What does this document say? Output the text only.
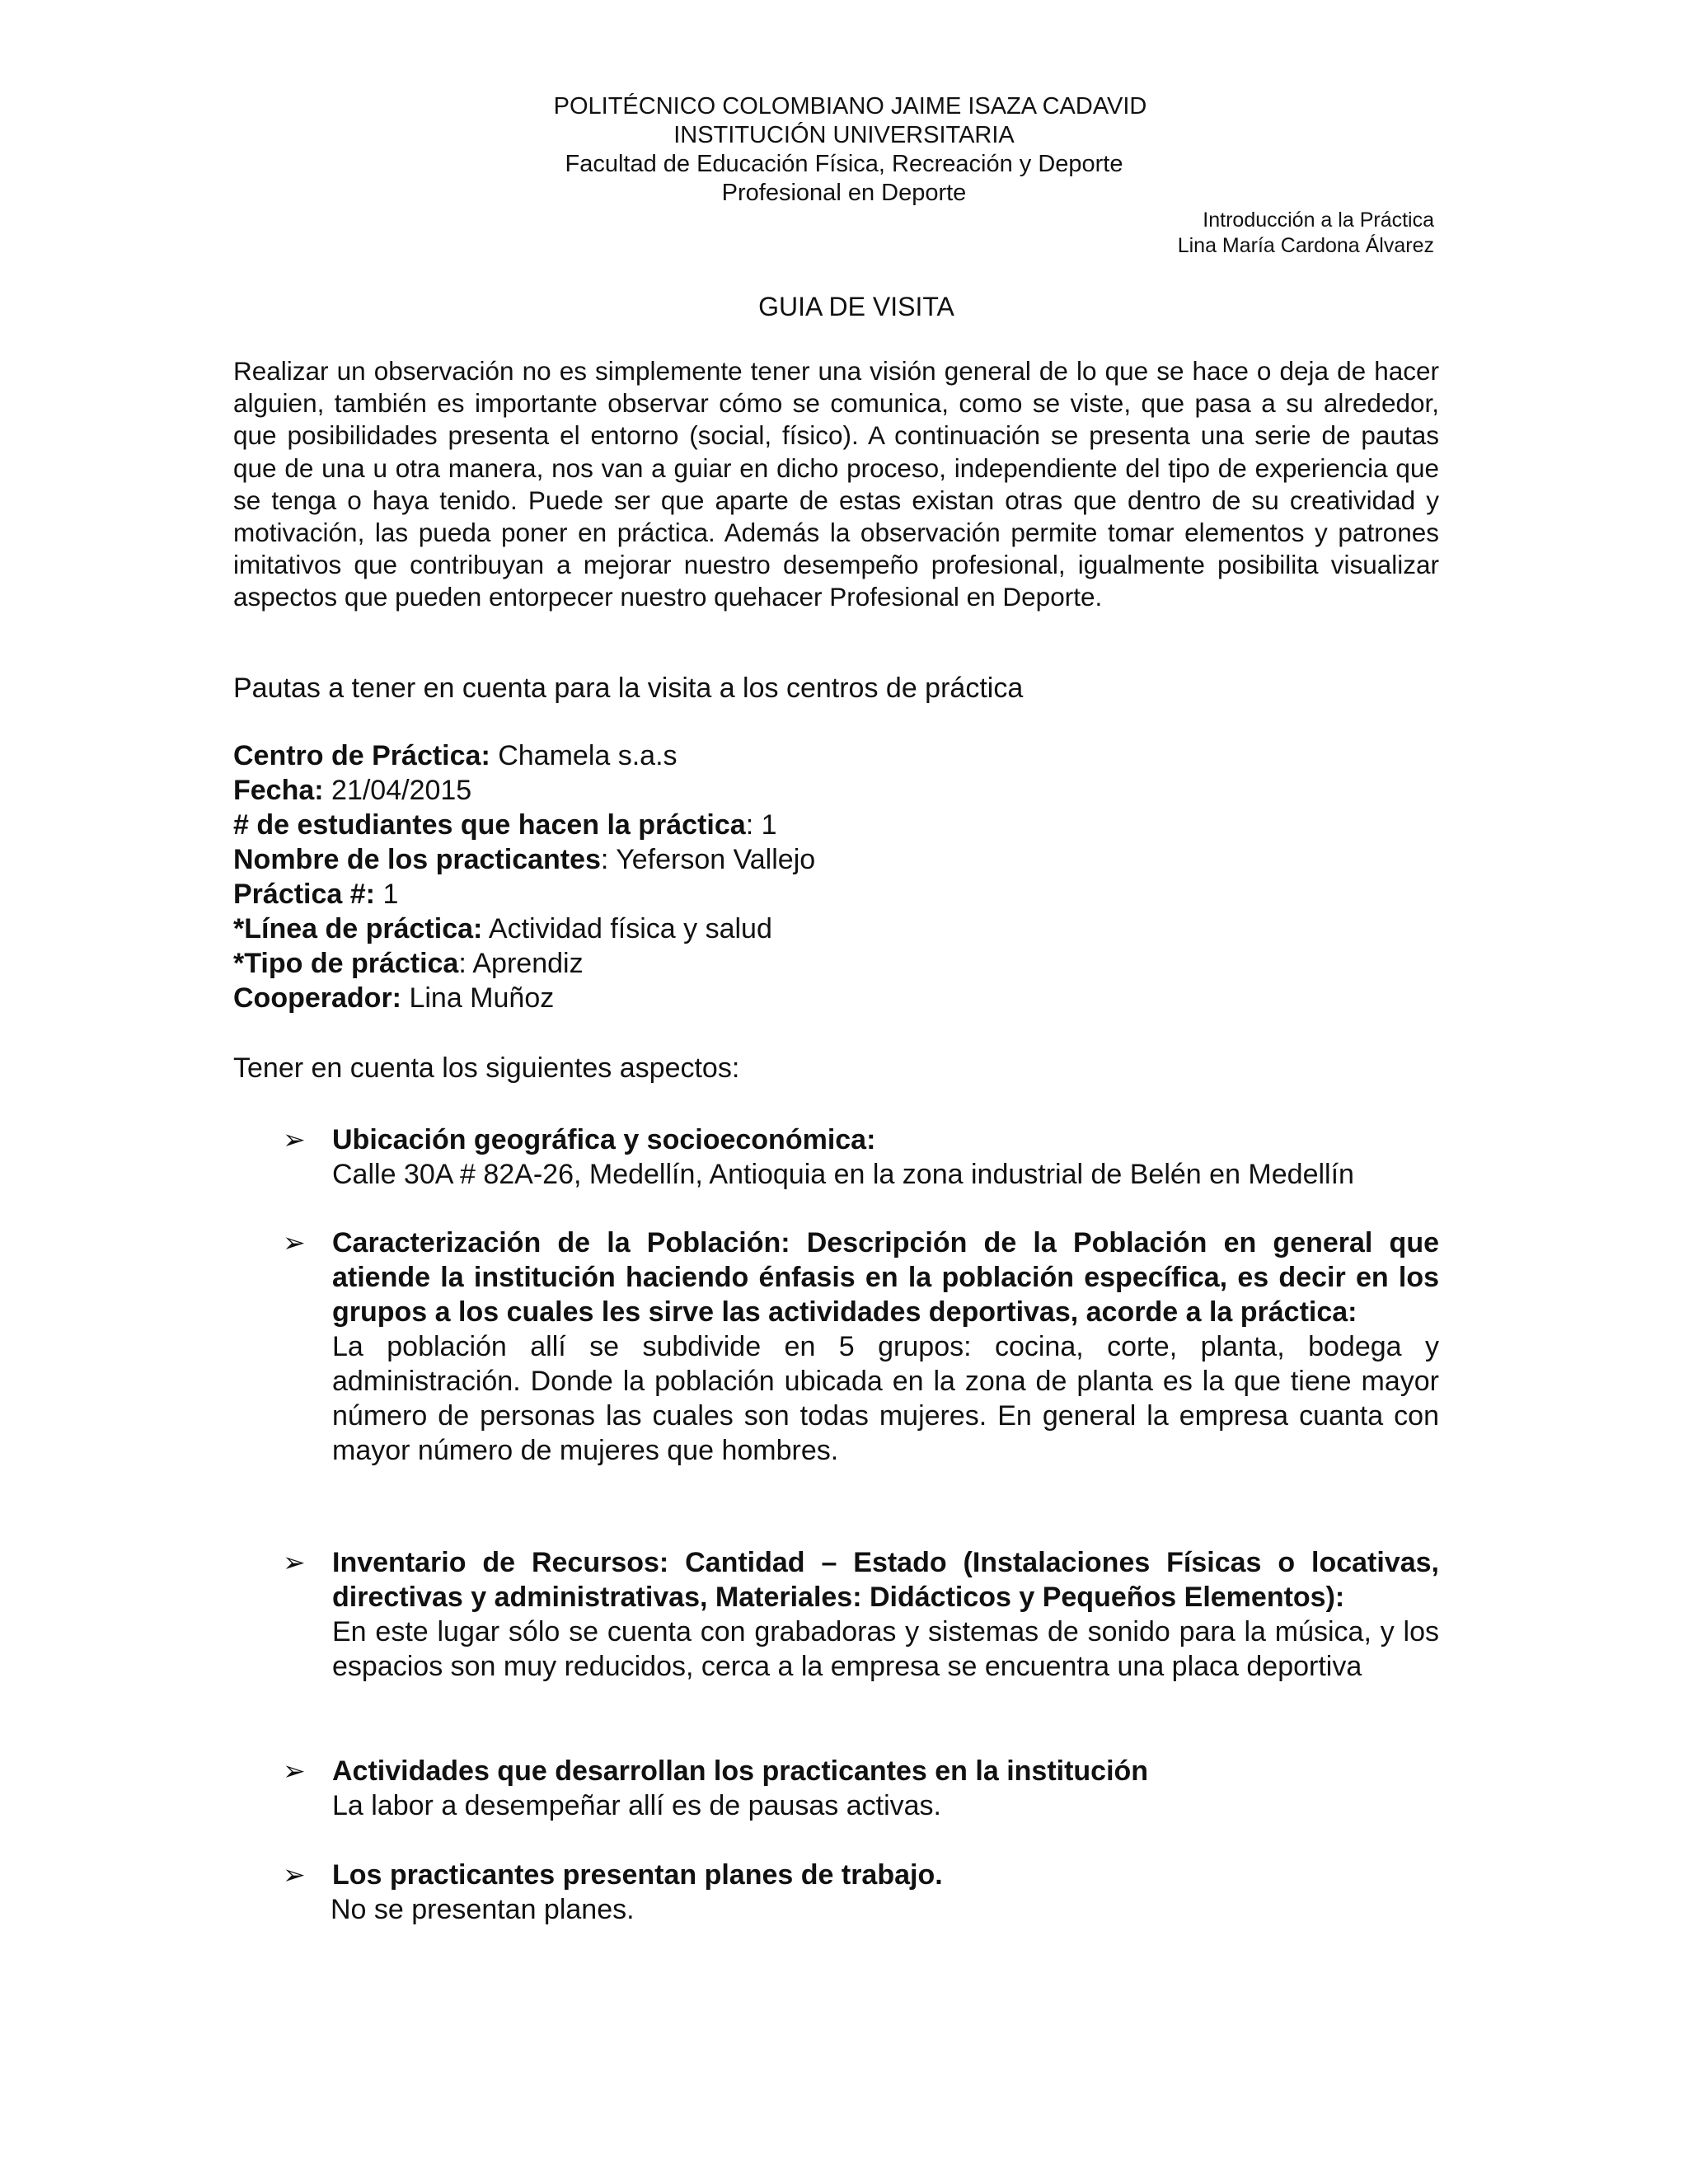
POLITÉCNICO COLOMBIANO JAIME ISAZA CADAVID
INSTITUCIÓN UNIVERSITARIA
Facultad de Educación Física, Recreación y Deporte
Profesional en Deporte
Introducción a la Práctica
Lina María Cardona Álvarez
GUIA DE VISITA
Realizar un observación no es simplemente tener una visión general de lo que se hace o deja de hacer alguien, también es importante observar cómo se comunica, como se viste, que pasa a su alrededor, que posibilidades presenta el entorno (social, físico). A continuación se presenta una serie de pautas que de una u otra manera, nos van a guiar en dicho proceso, independiente del tipo de experiencia que se tenga o haya tenido. Puede ser que aparte de estas existan otras que dentro de su creatividad y motivación, las pueda poner en práctica. Además la observación permite tomar elementos y patrones imitativos que contribuyan a mejorar nuestro desempeño profesional, igualmente posibilita visualizar aspectos que pueden entorpecer nuestro quehacer Profesional en Deporte.
Pautas a tener en cuenta para la visita a los centros de práctica
Centro de Práctica: Chamela s.a.s
Fecha: 21/04/2015
# de estudiantes que hacen la práctica: 1
Nombre de los practicantes: Yeferson Vallejo
Práctica #: 1
*Línea de práctica: Actividad física y salud
*Tipo de práctica: Aprendiz
Cooperador: Lina Muñoz
Tener en cuenta los siguientes aspectos:
➢ Ubicación geográfica y socioeconómica:
Calle 30A # 82A-26, Medellín, Antioquia en la zona industrial de Belén en Medellín
➢ Caracterización de la Población: Descripción de la Población en general que atiende la institución haciendo énfasis en la población específica, es decir en los grupos a los cuales les sirve las actividades deportivas, acorde a la práctica:
La población allí se subdivide en 5 grupos: cocina, corte, planta, bodega y administración. Donde la población ubicada en la zona de planta es la que tiene mayor número de personas las cuales son todas mujeres. En general la empresa cuanta con mayor número de mujeres que hombres.
➢ Inventario de Recursos: Cantidad – Estado (Instalaciones Físicas o locativas, directivas y administrativas, Materiales: Didácticos y Pequeños Elementos):
En este lugar sólo se cuenta con grabadoras y sistemas de sonido para la música, y los espacios son muy reducidos, cerca a la empresa se encuentra una placa deportiva
➢ Actividades que desarrollan los practicantes en la institución
La labor a desempeñar allí es de pausas activas.
➢ Los practicantes presentan planes de trabajo.
No se presentan planes.
